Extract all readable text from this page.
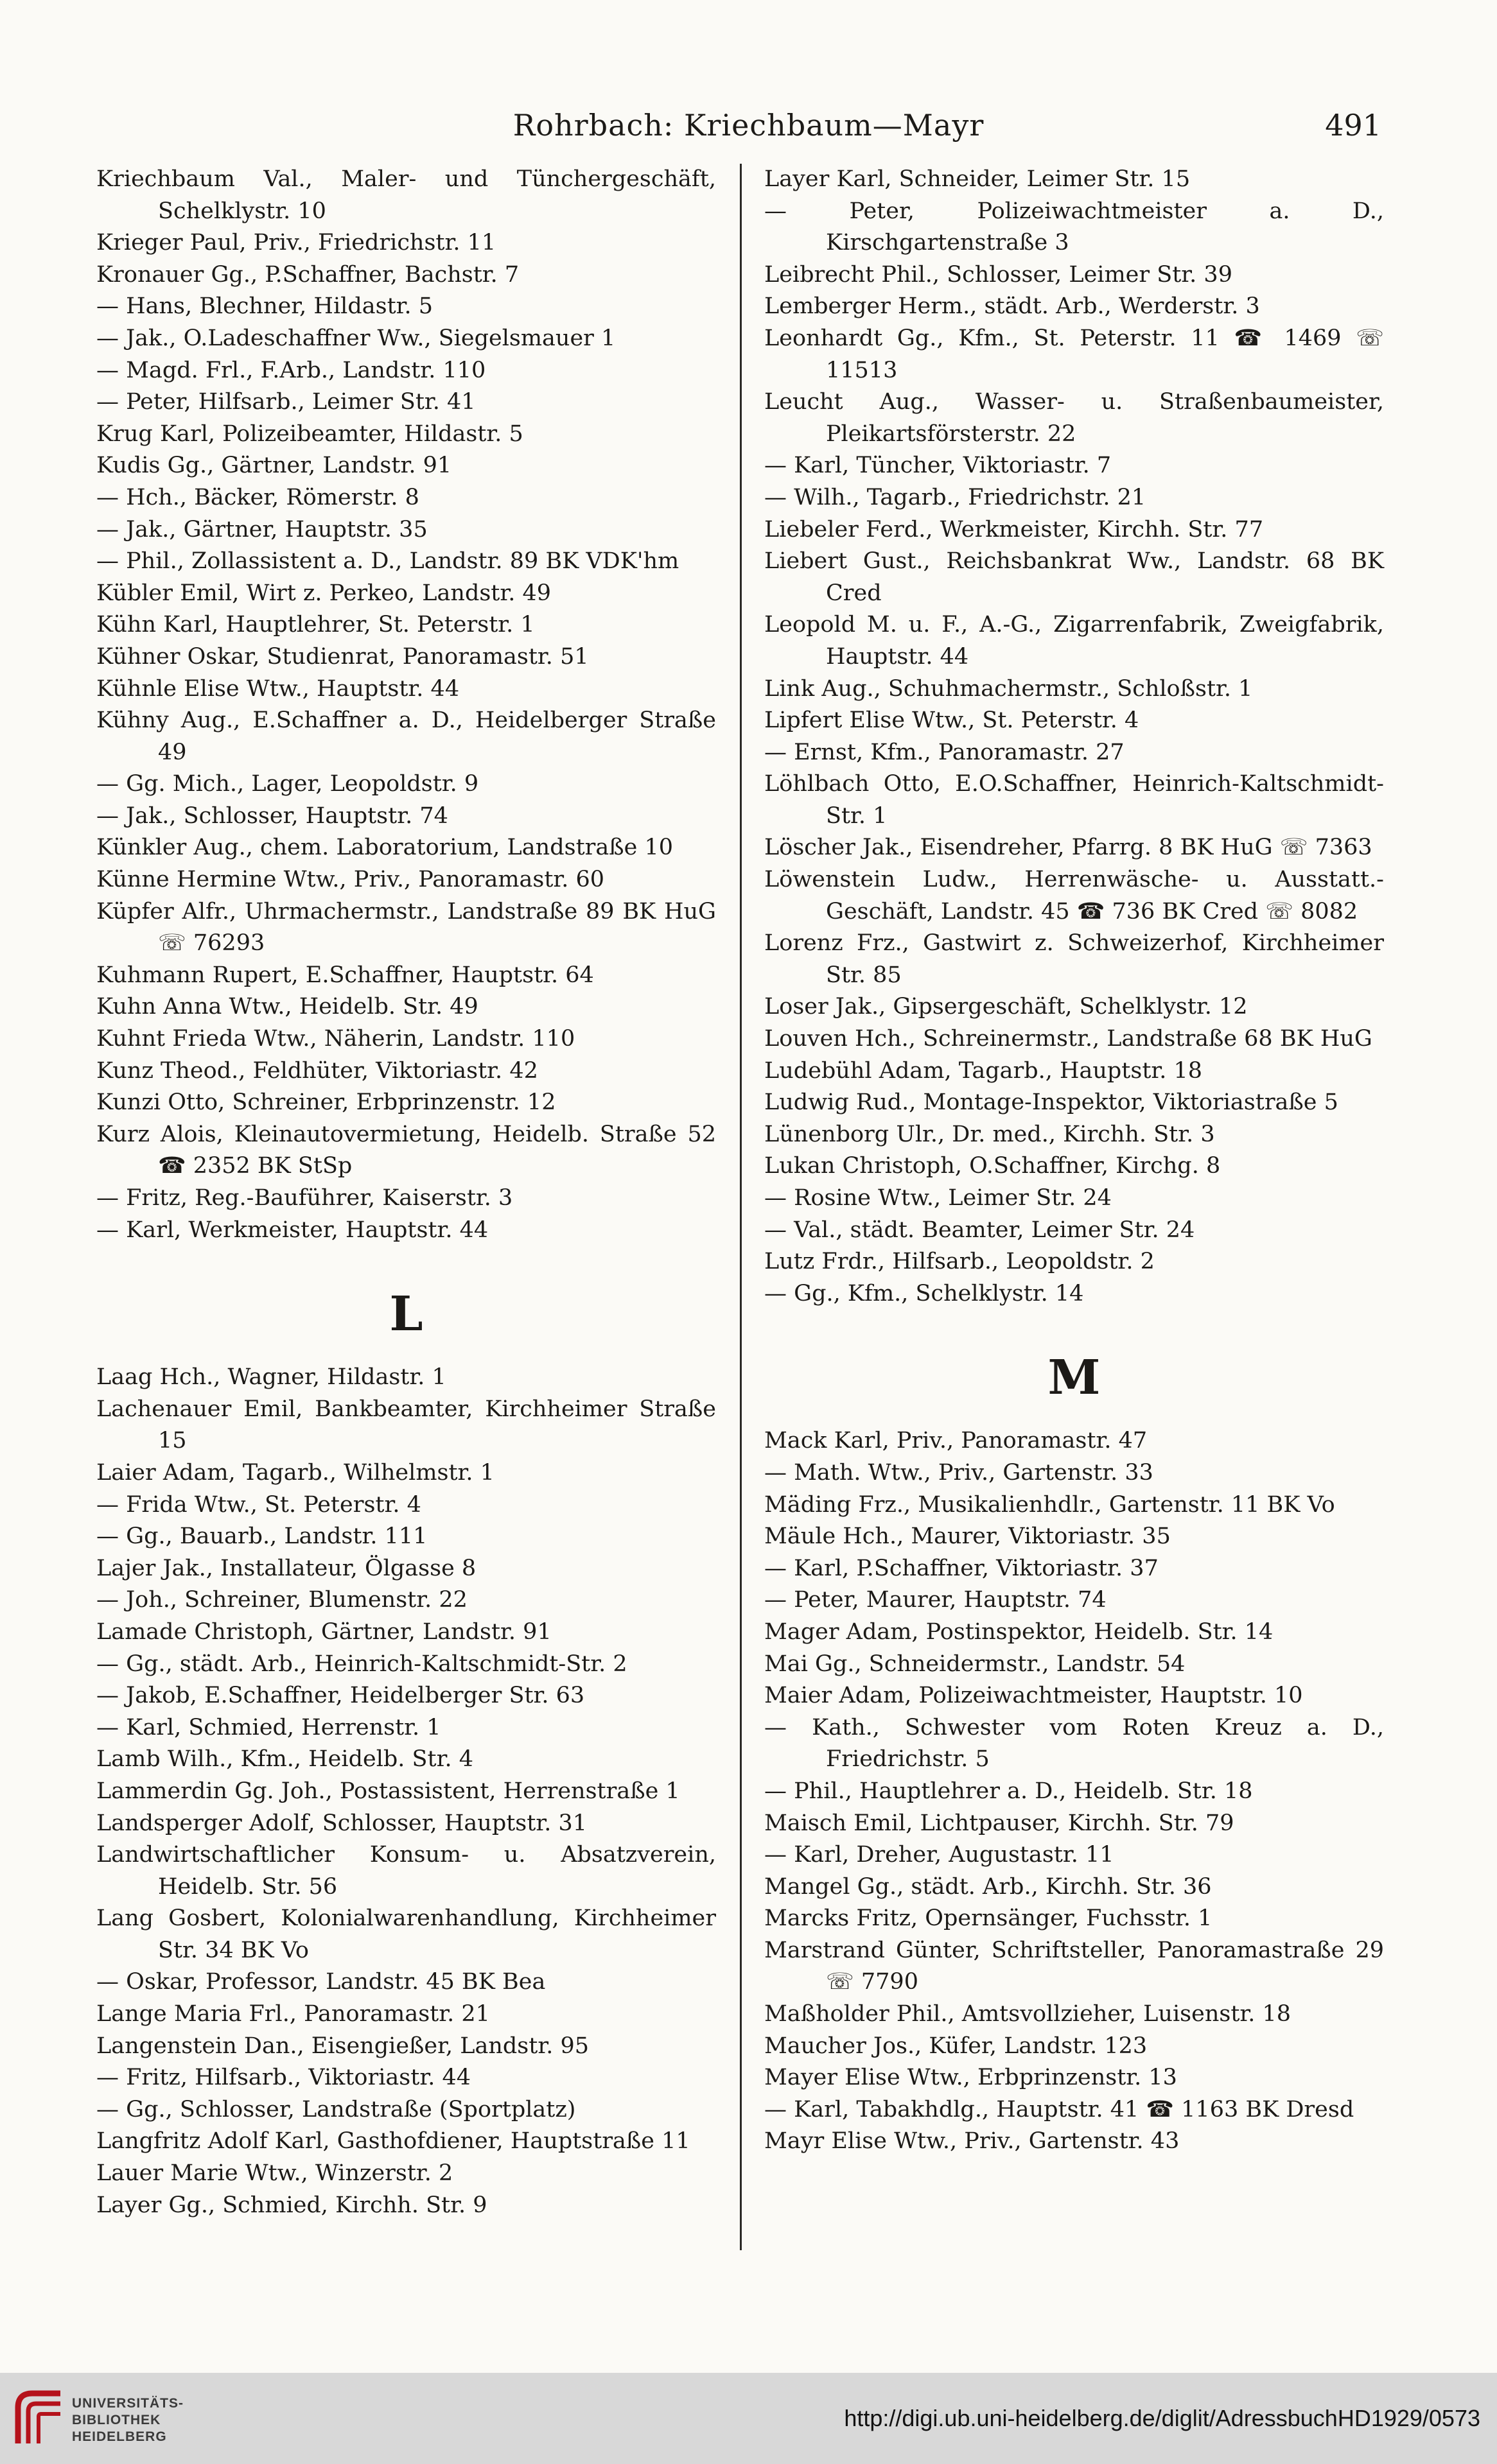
Rohrbach: Kriechbaum—Mayr	491
Kriechbaum Val., Maler- und Tünchergeschäft, Schelklystr. 10
Krieger Paul, Priv., Friedrichstr. 11
Kronauer Gg., P.Schaffner, Bachstr. 7
— Hans, Blechner, Hildastr. 5
— Jak., O.Ladeschaffner Ww., Siegelsmauer 1
— Magd. Frl., F.Arb., Landstr. 110
— Peter, Hilfsarb., Leimer Str. 41
Krug Karl, Polizeibeamter, Hildastr. 5
Kudis Gg., Gärtner, Landstr. 91
— Hch., Bäcker, Römerstr. 8
— Jak., Gärtner, Hauptstr. 35
— Phil., Zollassistent a. D., Landstr. 89 BK VDK'hm
Kübler Emil, Wirt z. Perkeo, Landstr. 49
Kühn Karl, Hauptlehrer, St. Peterstr. 1
Kühner Oskar, Studienrat, Panoramastr. 51
Kühnle Elise Wtw., Hauptstr. 44
Kühny Aug., E.Schaffner a. D., Heidelberger Straße 49
— Gg. Mich., Lager, Leopoldstr. 9
— Jak., Schlosser, Hauptstr. 74
Künkler Aug., chem. Laboratorium, Landstraße 10
Künne Hermine Wtw., Priv., Panoramastr. 60
Küpfer Alfr., Uhrmachermstr., Landstraße 89 BK HuG ☏ 76293
Kuhmann Rupert, E.Schaffner, Hauptstr. 64
Kuhn Anna Wtw., Heidelb. Str. 49
Kuhnt Frieda Wtw., Näherin, Landstr. 110
Kunz Theod., Feldhüter, Viktoriastr. 42
Kunzi Otto, Schreiner, Erbprinzenstr. 12
Kurz Alois, Kleinautovermietung, Heidelb. Straße 52 ☎ 2352 BK StSp
— Fritz, Reg.-Bauführer, Kaiserstr. 3
— Karl, Werkmeister, Hauptstr. 44
L
Laag Hch., Wagner, Hildastr. 1
Lachenauer Emil, Bankbeamter, Kirchheimer Straße 15
Laier Adam, Tagarb., Wilhelmstr. 1
— Frida Wtw., St. Peterstr. 4
— Gg., Bauarb., Landstr. 111
Lajer Jak., Installateur, Ölgasse 8
— Joh., Schreiner, Blumenstr. 22
Lamade Christoph, Gärtner, Landstr. 91
— Gg., städt. Arb., Heinrich-Kaltschmidt-Str. 2
— Jakob, E.Schaffner, Heidelberger Str. 63
— Karl, Schmied, Herrenstr. 1
Lamb Wilh., Kfm., Heidelb. Str. 4
Lammerdin Gg. Joh., Postassistent, Herrenstraße 1
Landsperger Adolf, Schlosser, Hauptstr. 31
Landwirtschaftlicher Konsum- u. Absatzverein, Heidelb. Str. 56
Lang Gosbert, Kolonialwarenhandlung, Kirchheimer Str. 34 BK Vo
— Oskar, Professor, Landstr. 45 BK Bea
Lange Maria Frl., Panoramastr. 21
Langenstein Dan., Eisengießer, Landstr. 95
— Fritz, Hilfsarb., Viktoriastr. 44
— Gg., Schlosser, Landstraße (Sportplatz)
Langfritz Adolf Karl, Gasthofdiener, Hauptstraße 11
Lauer Marie Wtw., Winzerstr. 2
Layer Gg., Schmied, Kirchh. Str. 9
Layer Karl, Schneider, Leimer Str. 15
— Peter, Polizeiwachtmeister a. D., Kirschgartenstraße 3
Leibrecht Phil., Schlosser, Leimer Str. 39
Lemberger Herm., städt. Arb., Werderstr. 3
Leonhardt Gg., Kfm., St. Peterstr. 11 ☎ 1469 ☏ 11513
Leucht Aug., Wasser- u. Straßenbaumeister, Pleikartsförsterstr. 22
— Karl, Tüncher, Viktoriastr. 7
— Wilh., Tagarb., Friedrichstr. 21
Liebeler Ferd., Werkmeister, Kirchh. Str. 77
Liebert Gust., Reichsbankrat Ww., Landstr. 68 BK Cred
Leopold M. u. F., A.-G., Zigarrenfabrik, Zweigfabrik, Hauptstr. 44
Link Aug., Schuhmachermstr., Schloßstr. 1
Lipfert Elise Wtw., St. Peterstr. 4
— Ernst, Kfm., Panoramastr. 27
Löhlbach Otto, E.O.Schaffner, Heinrich-Kaltschmidt-Str. 1
Löscher Jak., Eisendreher, Pfarrg. 8 BK HuG ☏ 7363
Löwenstein Ludw., Herrenwäsche- u. Ausstatt.-Geschäft, Landstr. 45 ☎ 736 BK Cred ☏ 8082
Lorenz Frz., Gastwirt z. Schweizerhof, Kirchheimer Str. 85
Loser Jak., Gipsergeschäft, Schelklystr. 12
Louven Hch., Schreinermstr., Landstraße 68 BK HuG
Ludebühl Adam, Tagarb., Hauptstr. 18
Ludwig Rud., Montage-Inspektor, Viktoriastraße 5
Lünenborg Ulr., Dr. med., Kirchh. Str. 3
Lukan Christoph, O.Schaffner, Kirchg. 8
— Rosine Wtw., Leimer Str. 24
— Val., städt. Beamter, Leimer Str. 24
Lutz Frdr., Hilfsarb., Leopoldstr. 2
— Gg., Kfm., Schelklystr. 14
M
Mack Karl, Priv., Panoramastr. 47
— Math. Wtw., Priv., Gartenstr. 33
Mäding Frz., Musikalienhdlr., Gartenstr. 11 BK Vo
Mäule Hch., Maurer, Viktoriastr. 35
— Karl, P.Schaffner, Viktoriastr. 37
— Peter, Maurer, Hauptstr. 74
Mager Adam, Postinspektor, Heidelb. Str. 14
Mai Gg., Schneidermstr., Landstr. 54
Maier Adam, Polizeiwachtmeister, Hauptstr. 10
— Kath., Schwester vom Roten Kreuz a. D., Friedrichstr. 5
— Phil., Hauptlehrer a. D., Heidelb. Str. 18
Maisch Emil, Lichtpauser, Kirchh. Str. 79
— Karl, Dreher, Augustastr. 11
Mangel Gg., städt. Arb., Kirchh. Str. 36
Marcks Fritz, Opernsänger, Fuchsstr. 1
Marstrand Günter, Schriftsteller, Panoramastraße 29 ☏ 7790
Maßholder Phil., Amtsvollzieher, Luisenstr. 18
Maucher Jos., Küfer, Landstr. 123
Mayer Elise Wtw., Erbprinzenstr. 13
— Karl, Tabakhdlg., Hauptstr. 41 ☎ 1163 BK Dresd
Mayr Elise Wtw., Priv., Gartenstr. 43
UNIVERSITÄTS-
BIBLIOTHEK
HEIDELBERG
http://digi.ub.uni-heidelberg.de/diglit/AdressbuchHD1929/0573
